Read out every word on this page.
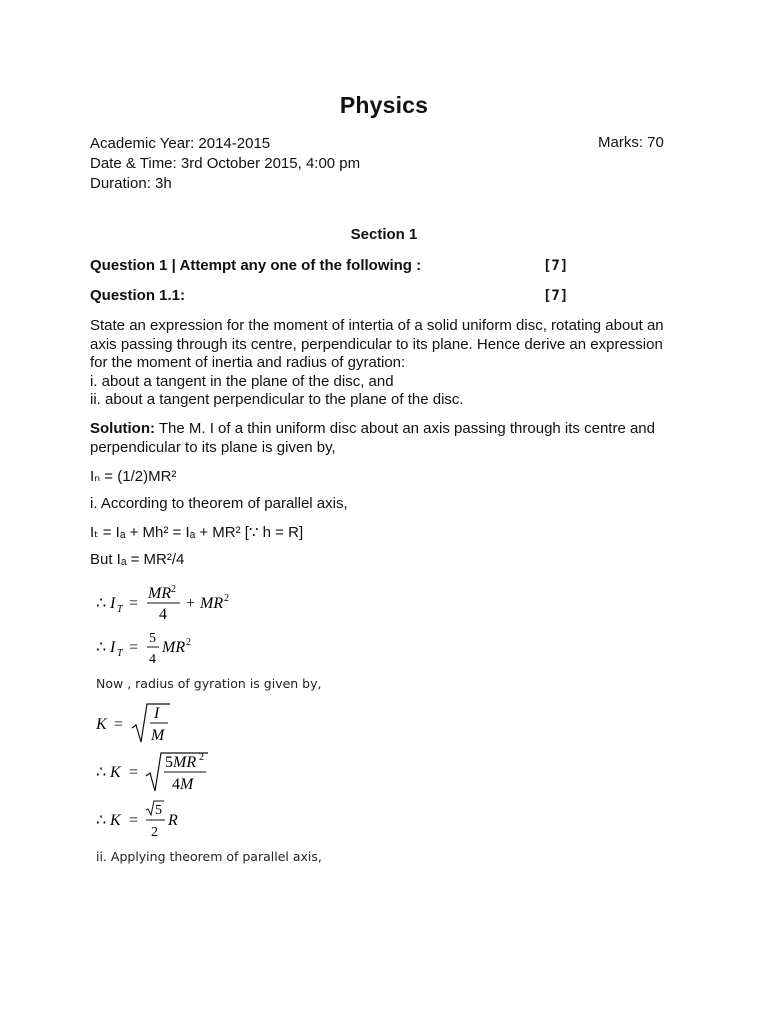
Physics
Academic Year: 2014-2015
Date & Time: 3rd October 2015, 4:00 pm
Duration: 3h
Marks: 70
Section 1
Question 1 | Attempt any one of the following :	[7]
Question 1.1:	[7]
State an expression for the moment of intertia of a solid uniform disc, rotating about an
axis passing through its centre, perpendicular to its plane. Hence derive an expression
for the moment of inertia and radius of gyration:
i. about a tangent in the plane of the disc, and
ii. about a tangent perpendicular to the plane of the disc.
Solution: The M. I of a thin uniform disc about an axis passing through its centre and
perpendicular to its plane is given by,
Iₙ = (1/2)MR²
i. According to theorem of parallel axis,
Iₜ = Iₐ + Mh² = Iₐ + MR² [∵ h = R]
But Iₐ = MR²/4
∴ I T =
MR 2
4
+ MR 2
∴ I T =
5
4
MR 2
Now , radius of gyration is given by,
K =
I
M
∴ K =
5MR 2
4M
∴ K =
5
2
R
ii. Applying theorem of parallel axis,
